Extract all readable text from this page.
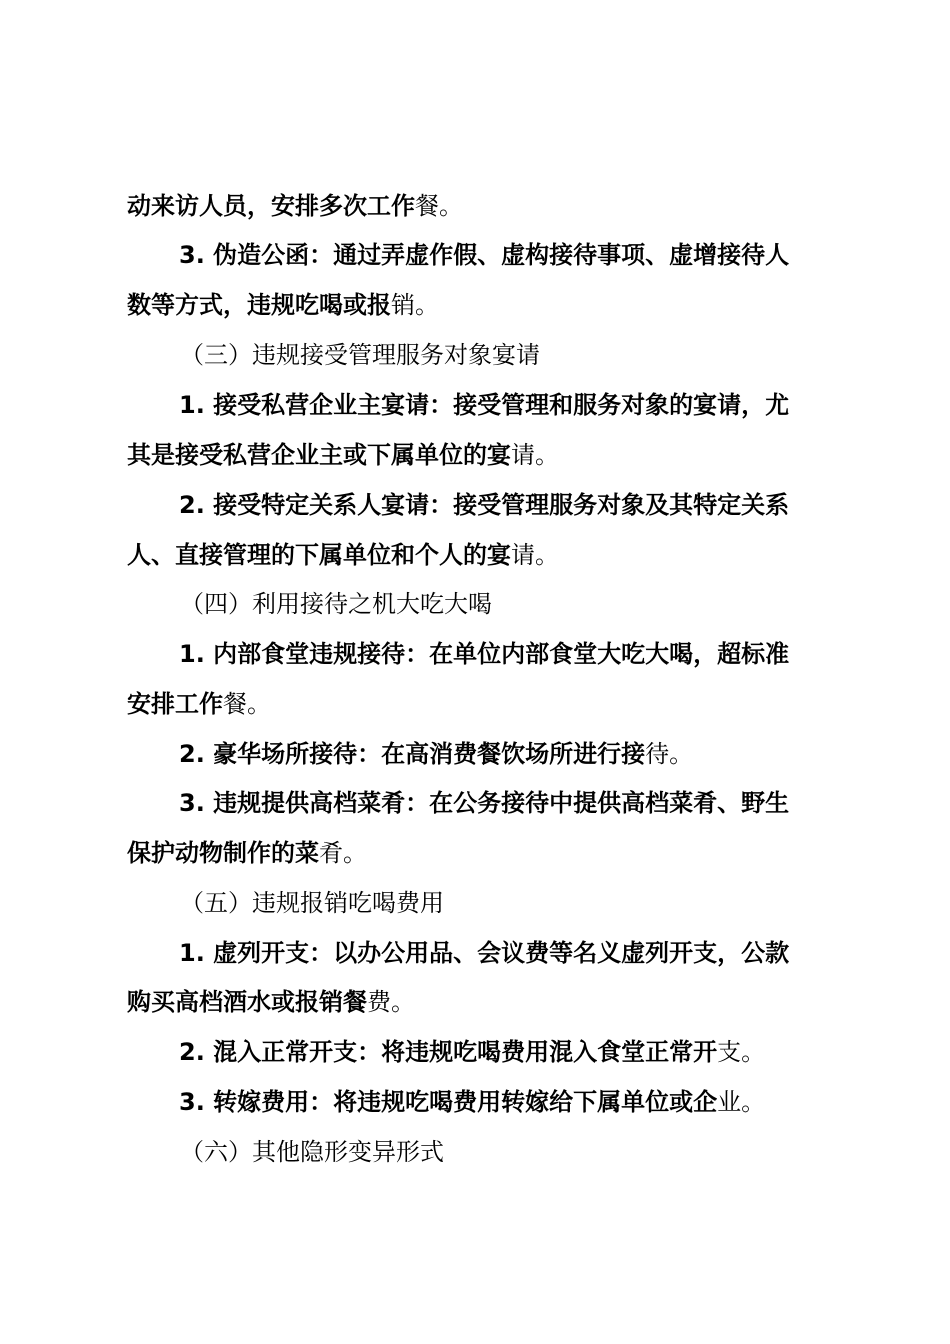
动来访人员，安排多次工作餐。
3. 伪造公函：通过弄虚作假、虚构接待事项、虚增接待人
数等方式，违规吃喝或报销。
（三）违规接受管理服务对象宴请
1. 接受私营企业主宴请：接受管理和服务对象的宴请，尤
其是接受私营企业主或下属单位的宴请。
2. 接受特定关系人宴请：接受管理服务对象及其特定关系
人、直接管理的下属单位和个人的宴请。
（四）利用接待之机大吃大喝
1. 内部食堂违规接待：在单位内部食堂大吃大喝，超标准
安排工作餐。
2. 豪华场所接待：在高消费餐饮场所进行接待。
3. 违规提供高档菜肴：在公务接待中提供高档菜肴、野生
保护动物制作的菜肴。
（五）违规报销吃喝费用
1. 虚列开支：以办公用品、会议费等名义虚列开支，公款
购买高档酒水或报销餐费。
2. 混入正常开支：将违规吃喝费用混入食堂正常开支。
3. 转嫁费用：将违规吃喝费用转嫁给下属单位或企业。
（六）其他隐形变异形式
